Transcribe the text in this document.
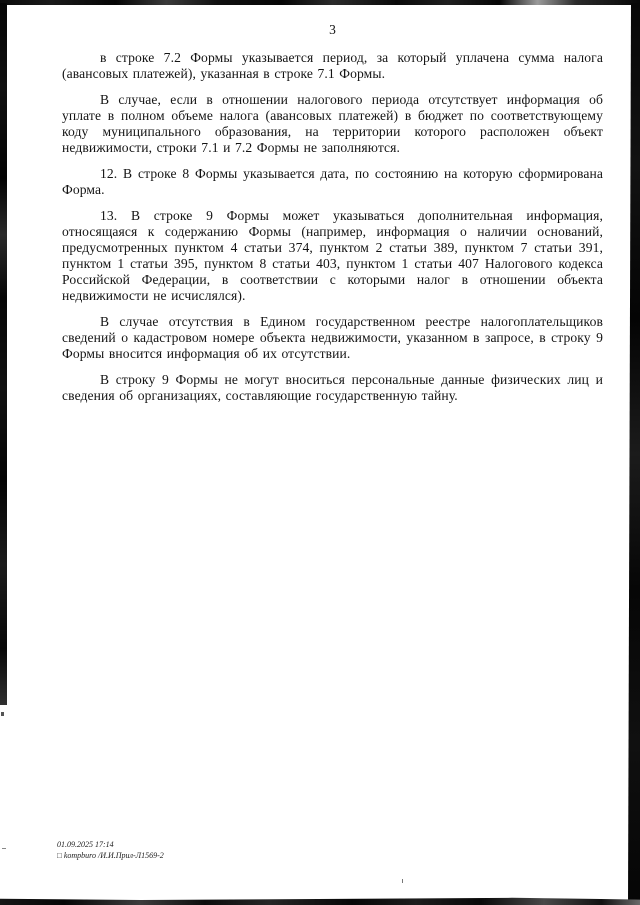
3

в строке 7.2 Формы указывается период, за который уплачена сумма налога (авансовых платежей), указанная в строке 7.1 Формы.

В случае, если в отношении налогового периода отсутствует информация об уплате в полном объеме налога (авансовых платежей) в бюджет по соответствующему коду муниципального образования, на территории которого расположен объект недвижимости, строки 7.1 и 7.2 Формы не заполняются.

12. В строке 8 Формы указывается дата, по состоянию на которую сформирована Форма.

13. В строке 9 Формы может указываться дополнительная информация, относящаяся к содержанию Формы (например, информация о наличии оснований, предусмотренных пунктом 4 статьи 374, пунктом 2 статьи 389, пунктом 7 статьи 391, пунктом 1 статьи 395, пунктом 8 статьи 403, пунктом 1 статьи 407 Налогового кодекса Российской Федерации, в соответствии с которыми налог в отношении объекта недвижимости не исчислялся).

В случае отсутствия в Едином государственном реестре налогоплательщиков сведений о кадастровом номере объекта недвижимости, указанном в запросе, в строку 9 Формы вносится информация об их отсутствии.

В строку 9 Формы не могут вноситься персональные данные физических лиц и сведения об организациях, составляющие государственную тайну.

01.09.2025 17:14
□ kompburo /И.И.Прил-Л1569-2
